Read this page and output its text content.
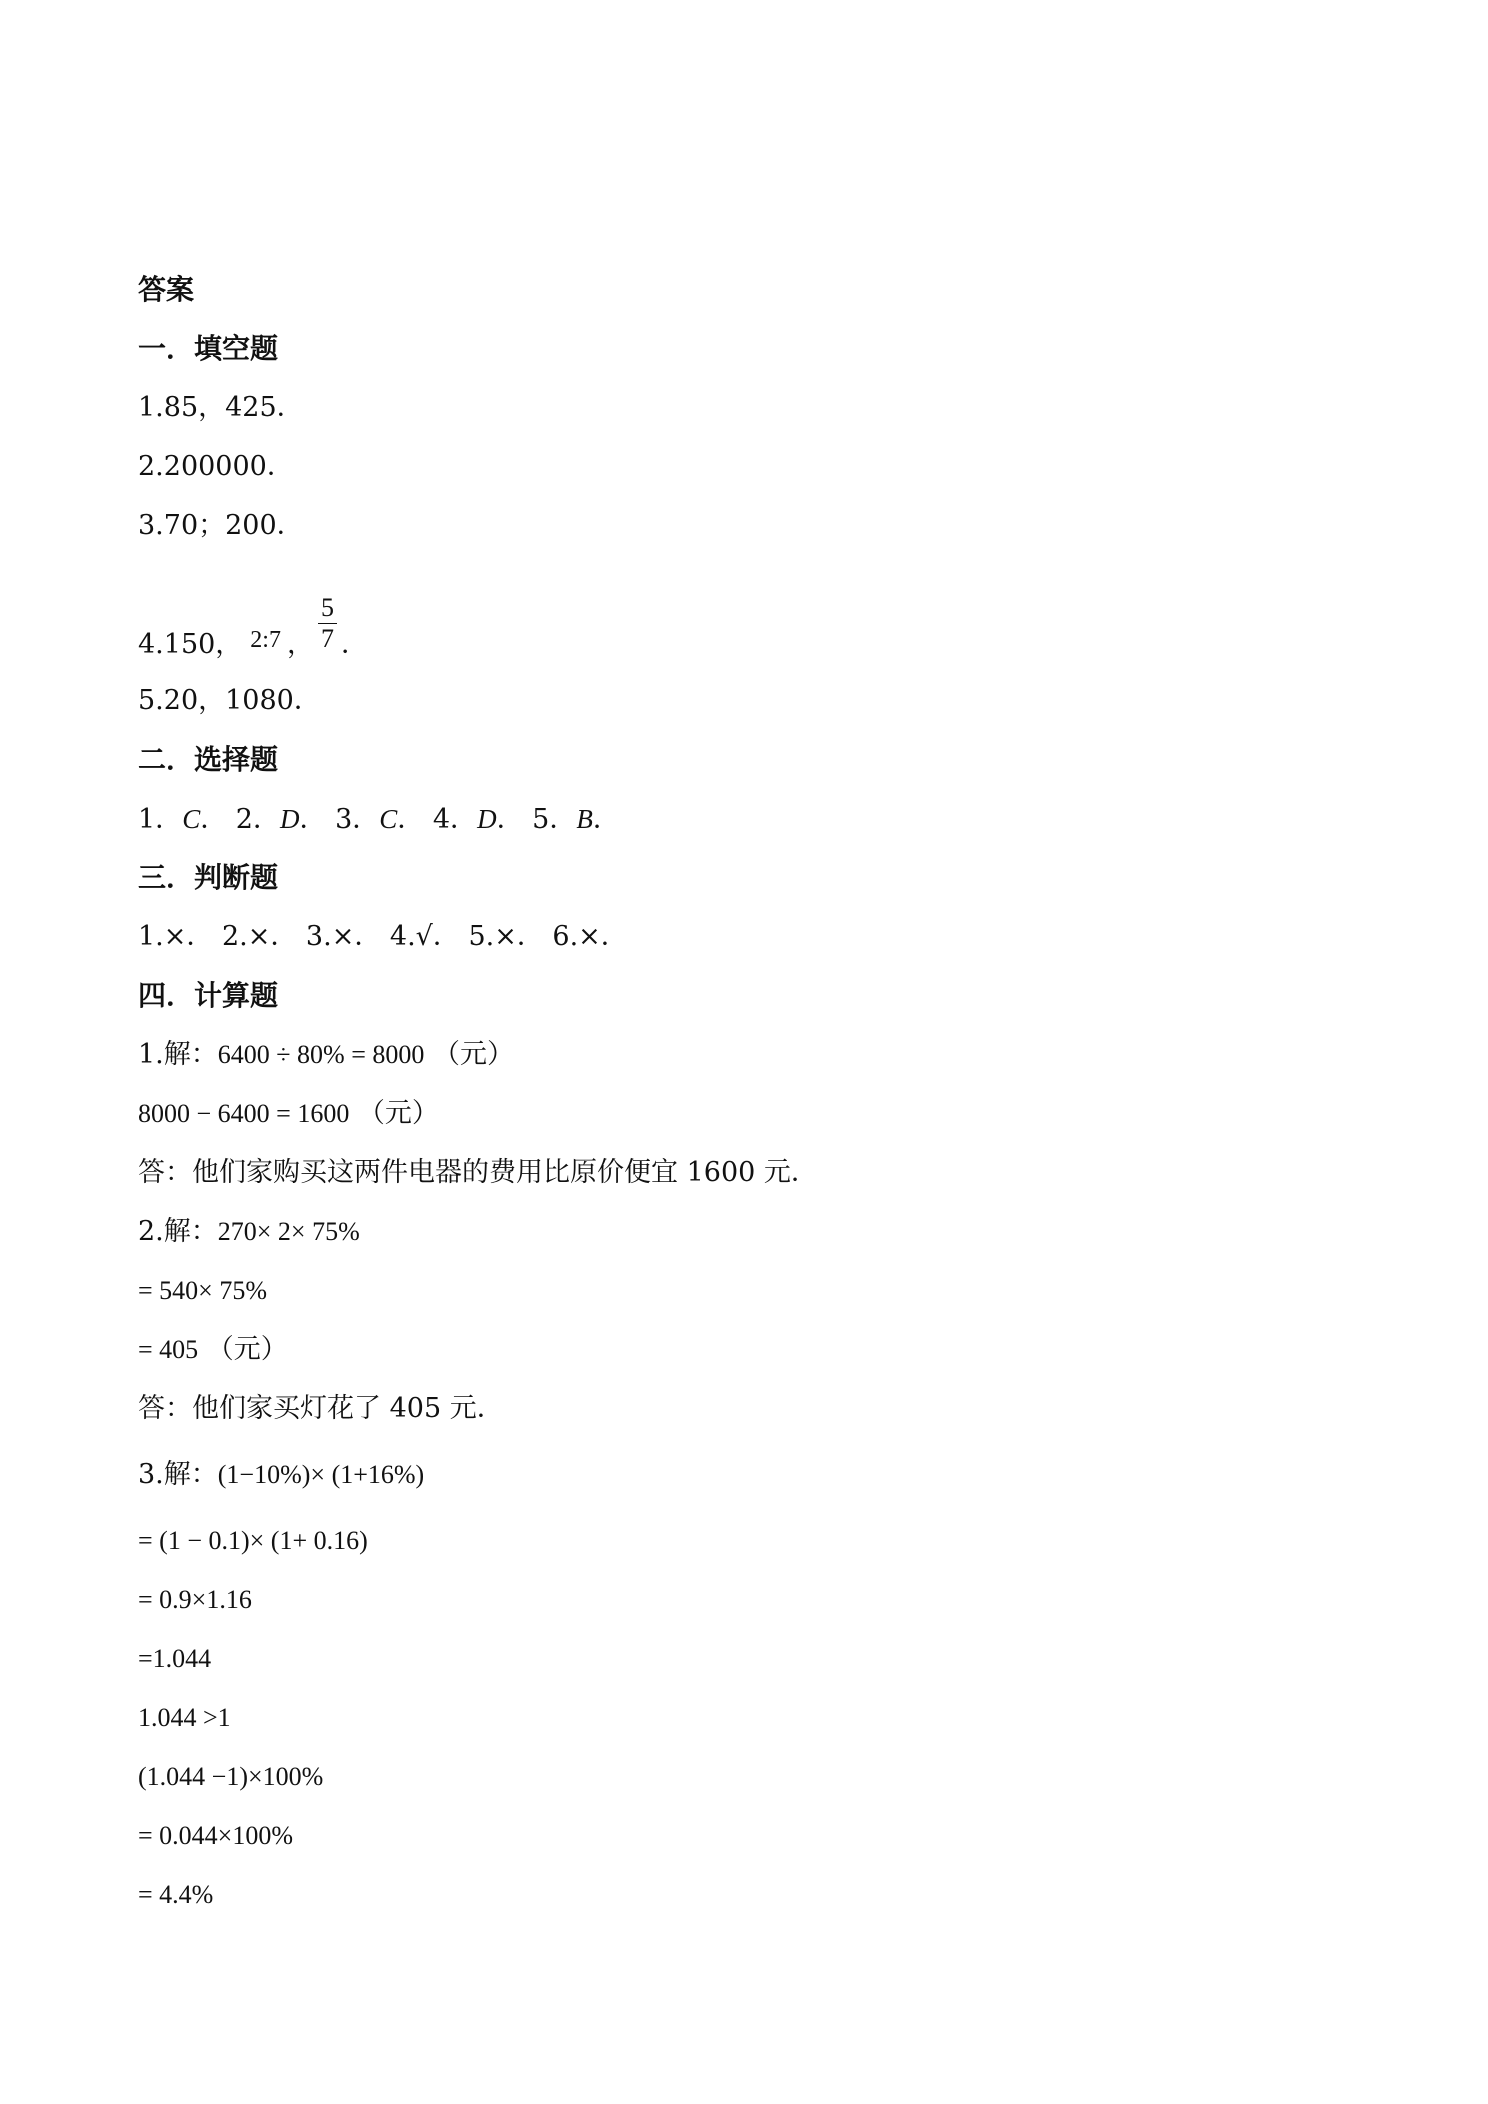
答案
一．填空题
1.85，425．
2.200000．
3.70；200．
4.150， 2:7 ， $\frac{5}{7}$ ．
5.20，1080．
二．选择题
1．C． 2．D． 3．C． 4．D． 5．B．
三．判断题
1.×． 2.×． 3.×． 4.√． 5.×． 6.×．
四．计算题
1.解：6400 ÷ 80% = 8000 （元）
8000 − 6400 = 1600 （元）
答：他们家购买这两件电器的费用比原价便宜 1600 元．
2.解：270× 2× 75%
= 540× 75%
= 405 （元）
答：他们家买灯花了 405 元．
3.解：(1−10%)× (1+16%)
= (1 − 0.1)× (1+ 0.16)
= 0.9×1.16
=1.044
1.044 >1
(1.044 −1)×100%
= 0.044×100%
= 4.4%
